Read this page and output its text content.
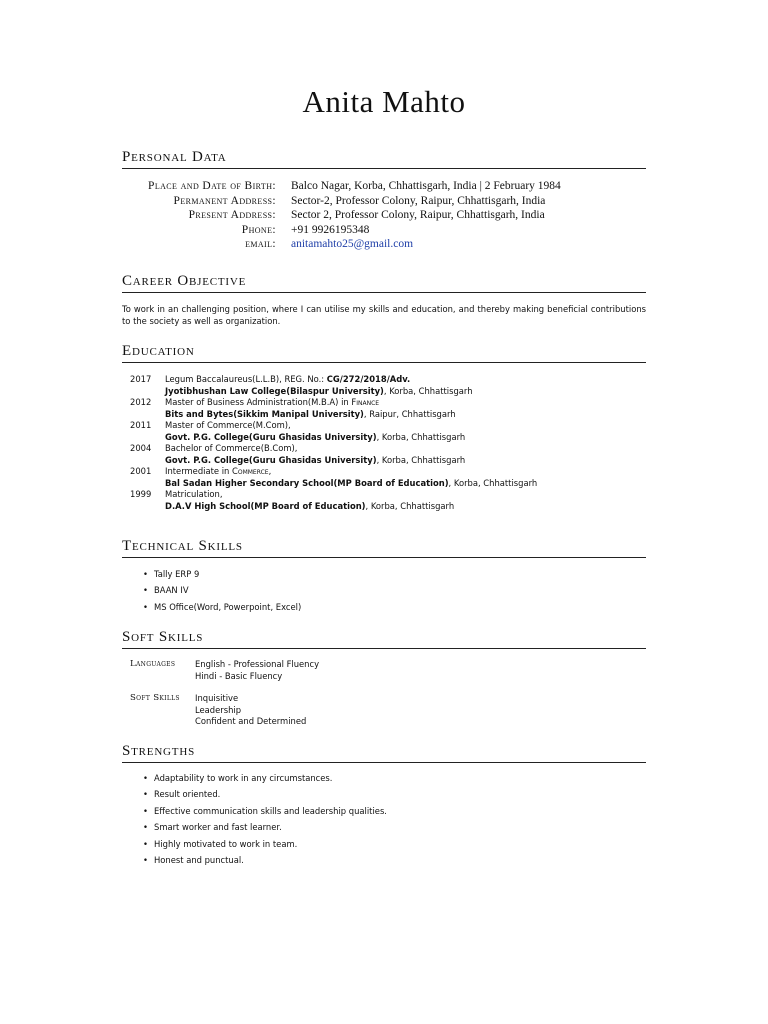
Anita Mahto
Personal Data
Place and Date of Birth: Balco Nagar, Korba, Chhattisgarh, India | 2 February 1984
Permanent Address: Sector-2, Professor Colony, Raipur, Chhattisgarh, India
Present Address: Sector 2, Professor Colony, Raipur, Chhattisgarh, India
Phone: +91 9926195348
email: anitamahto25@gmail.com
Career Objective
To work in an challenging position, where I can utilise my skills and education, and thereby making beneficial contributions to the society as well as organization.
Education
2017	Legum Baccalaureus(L.L.B), REG. No.: CG/272/2018/Adv.
Jyotibhushan Law College(Bilaspur University), Korba, Chhattisgarh
2012	Master of Business Administration(M.B.A) in Finance
Bits and Bytes(Sikkim Manipal University), Raipur, Chhattisgarh
2011	Master of Commerce(M.Com),
Govt. P.G. College(Guru Ghasidas University), Korba, Chhattisgarh
2004	Bachelor of Commerce(B.Com),
Govt. P.G. College(Guru Ghasidas University), Korba, Chhattisgarh
2001	Intermediate in Commerce,
Bal Sadan Higher Secondary School(MP Board of Education), Korba, Chhattisgarh
1999	Matriculation,
D.A.V High School(MP Board of Education), Korba, Chhattisgarh
Technical Skills
• Tally ERP 9
• BAAN IV
• MS Office(Word, Powerpoint, Excel)
Soft Skills
Languages English - Professional Fluency
Hindi - Basic Fluency
Soft Skills Inquisitive
Leadership
Confident and Determined
Strengths
• Adaptability to work in any circumstances.
• Result oriented.
• Effective communication skills and leadership qualities.
• Smart worker and fast learner.
• Highly motivated to work in team.
• Honest and punctual.
